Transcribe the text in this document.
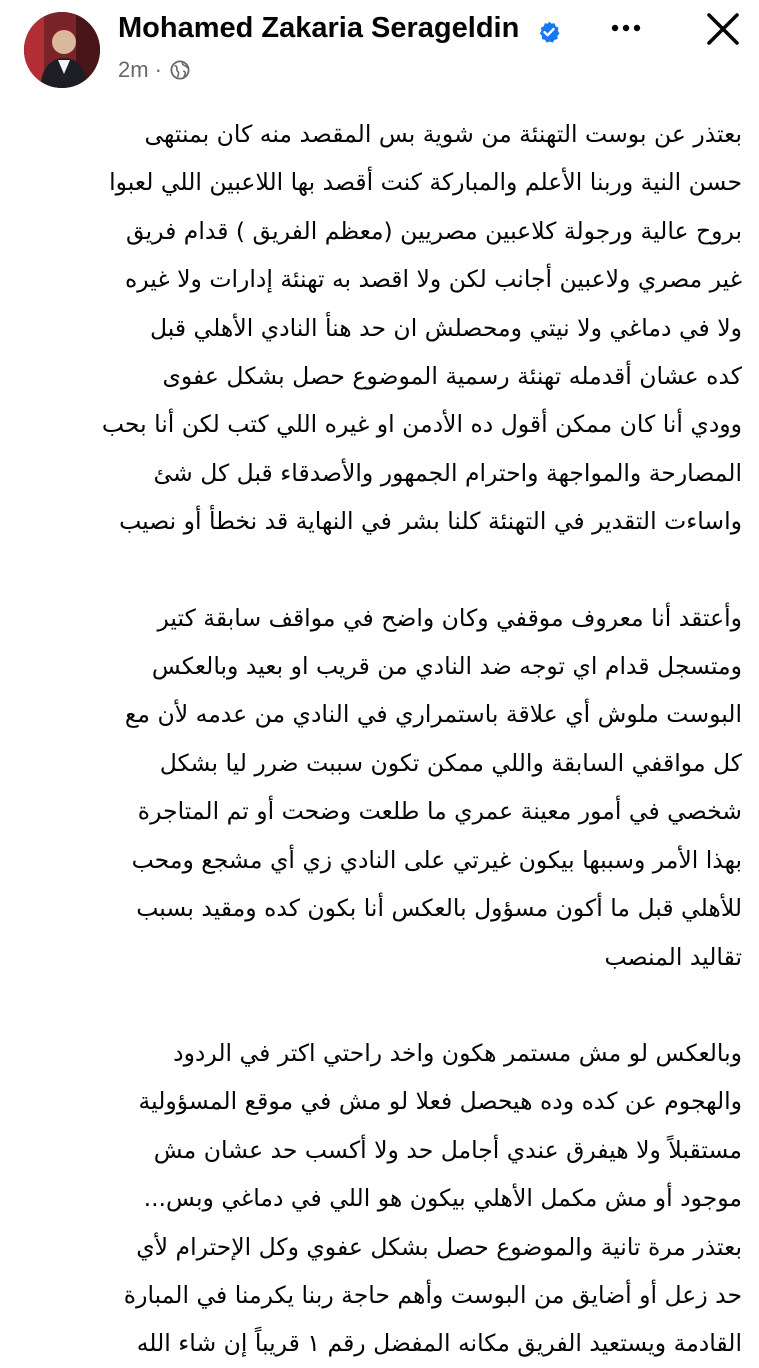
Mohamed Zakaria Serageldin
2m ·

بعتذر عن بوست التهنئة من شوية بس المقصد منه كان بمنتهى
حسن النية وربنا الأعلم والمباركة كنت أقصد بها اللاعبين اللي لعبوا
بروح عالية ورجولة كلاعبين مصريين (معظم الفريق ) قدام فريق
غير مصري ولاعبين أجانب لكن ولا اقصد به تهنئة إدارات ولا غيره
ولا في دماغي ولا نيتي ومحصلش ان حد هنأ النادي الأهلي قبل
كده عشان أقدمله تهنئة رسمية الموضوع حصل بشكل عفوى
وودي أنا كان ممكن أقول ده الأدمن او غيره اللي كتب لكن أنا بحب
المصارحة والمواجهة واحترام الجمهور والأصدقاء قبل كل شئ
واساءت التقدير في التهنئة كلنا بشر في النهاية قد نخطأ أو نصيب

وأعتقد أنا معروف موقفي وكان واضح في مواقف سابقة كتير
ومتسجل قدام اي توجه ضد النادي من قريب او بعيد وبالعكس
البوست ملوش أي علاقة باستمراري في النادي من عدمه لأن مع
كل مواقفي السابقة واللي ممكن تكون سببت ضرر ليا بشكل
شخصي في أمور معينة عمري ما طلعت وضحت أو تم المتاجرة
بهذا الأمر وسببها بيكون غيرتي على النادي زي أي مشجع ومحب
للأهلي قبل ما أكون مسؤول بالعكس أنا بكون كده ومقيد بسبب
تقاليد المنصب

وبالعكس لو مش مستمر هكون واخد راحتي اكتر في الردود
والهجوم عن كده وده هيحصل فعلا لو مش في موقع المسؤولية
مستقبلاً ولا هيفرق عندي أجامل حد ولا أكسب حد عشان مش
موجود أو مش مكمل الأهلي بيكون هو اللي في دماغي وبس...
بعتذر مرة تانية والموضوع حصل بشكل عفوي وكل الإحترام لأي
حد زعل أو أضايق من البوست وأهم حاجة ربنا يكرمنا في المبارة
القادمة ويستعيد الفريق مكانه المفضل رقم ١ قريباً إن شاء الله
